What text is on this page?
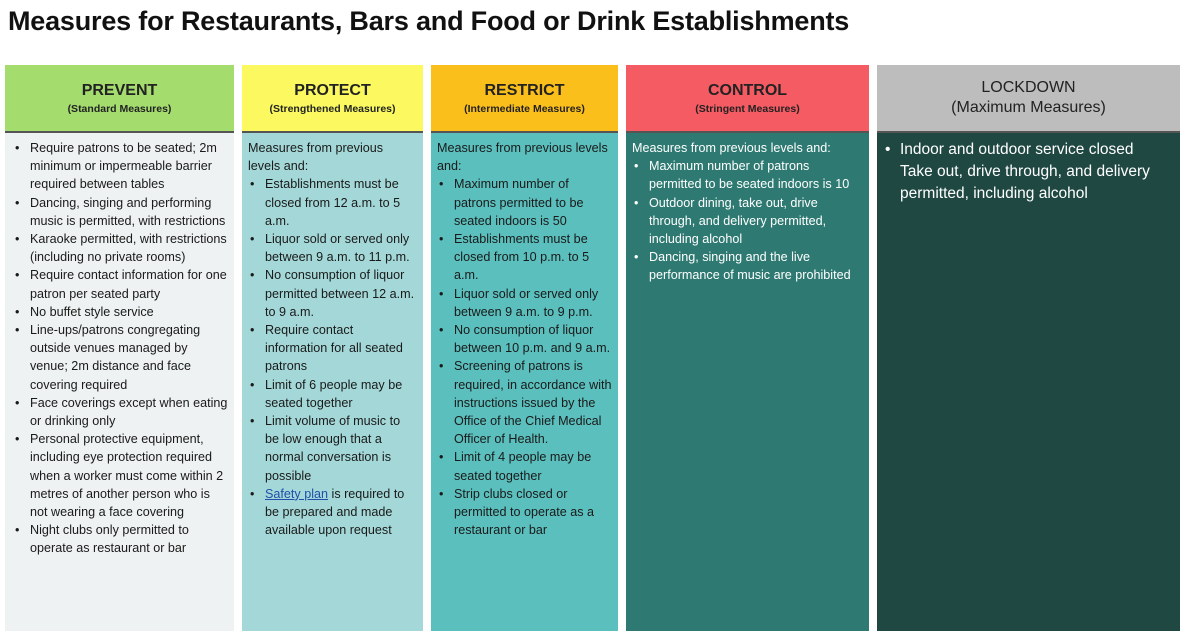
Measures for Restaurants, Bars and Food or Drink Establishments
PREVENT
(Standard Measures)
• Require patrons to be seated; 2m minimum or impermeable barrier required between tables
• Dancing, singing and performing music is permitted, with restrictions
• Karaoke permitted, with restrictions (including no private rooms)
• Require contact information for one patron per seated party
• No buffet style service
• Line-ups/patrons congregating outside venues managed by venue; 2m distance and face covering required
• Face coverings except when eating or drinking only
• Personal protective equipment, including eye protection required when a worker must come within 2 metres of another person who is not wearing a face covering
• Night clubs only permitted to operate as restaurant or bar
PROTECT
(Strengthened Measures)

Measures from previous levels and:

• Establishments must be closed from 12 a.m. to 5 a.m.
• Liquor sold or served only between 9 a.m. to 11 p.m.
• No consumption of liquor permitted between 12 a.m. to 9 a.m.
• Require contact information for all seated patrons
• Limit of 6 people may be seated together
• Limit volume of music to be low enough that a normal conversation is possible
• Safety plan is required to be prepared and made available upon request
RESTRICT
(Intermediate Measures)

Measures from previous levels and:

• Maximum number of patrons permitted to be seated indoors is 50
• Establishments must be closed from 10 p.m. to 5 a.m.
• Liquor sold or served only between 9 a.m. to 9 p.m.
• No consumption of liquor between 10 p.m. and 9 a.m.
• Screening of patrons is required, in accordance with instructions issued by the Office of the Chief Medical Officer of Health.
• Limit of 4 people may be seated together
• Strip clubs closed or permitted to operate as a restaurant or bar
CONTROL
(Stringent Measures)

Measures from previous levels and:

• Maximum number of patrons permitted to be seated indoors is 10
• Outdoor dining, take out, drive through, and delivery permitted, including alcohol
• Dancing, singing and the live performance of music are prohibited
LOCKDOWN
(Maximum Measures)
• Indoor and outdoor service closed
Take out, drive through, and delivery permitted, including alcohol
